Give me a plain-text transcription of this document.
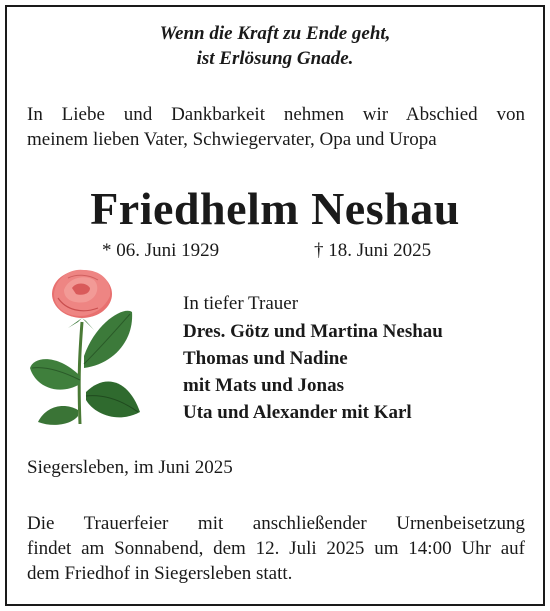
Wenn die Kraft zu Ende geht,
ist Erlösung Gnade.
In Liebe und Dankbarkeit nehmen wir Abschied von
meinem lieben Vater, Schwiegervater, Opa und Uropa
Friedhelm Neshau
* 06. Juni 1929	† 18. Juni 2025
In tiefer Trauer
Dres. Götz und Martina Neshau
Thomas und Nadine
mit Mats und Jonas
Uta und Alexander mit Karl
Siegersleben, im Juni 2025
Die Trauerfeier mit anschließender Urnenbeisetzung
findet am Sonnabend, dem 12. Juli 2025 um 14:00 Uhr auf
dem Friedhof in Siegersleben statt.
